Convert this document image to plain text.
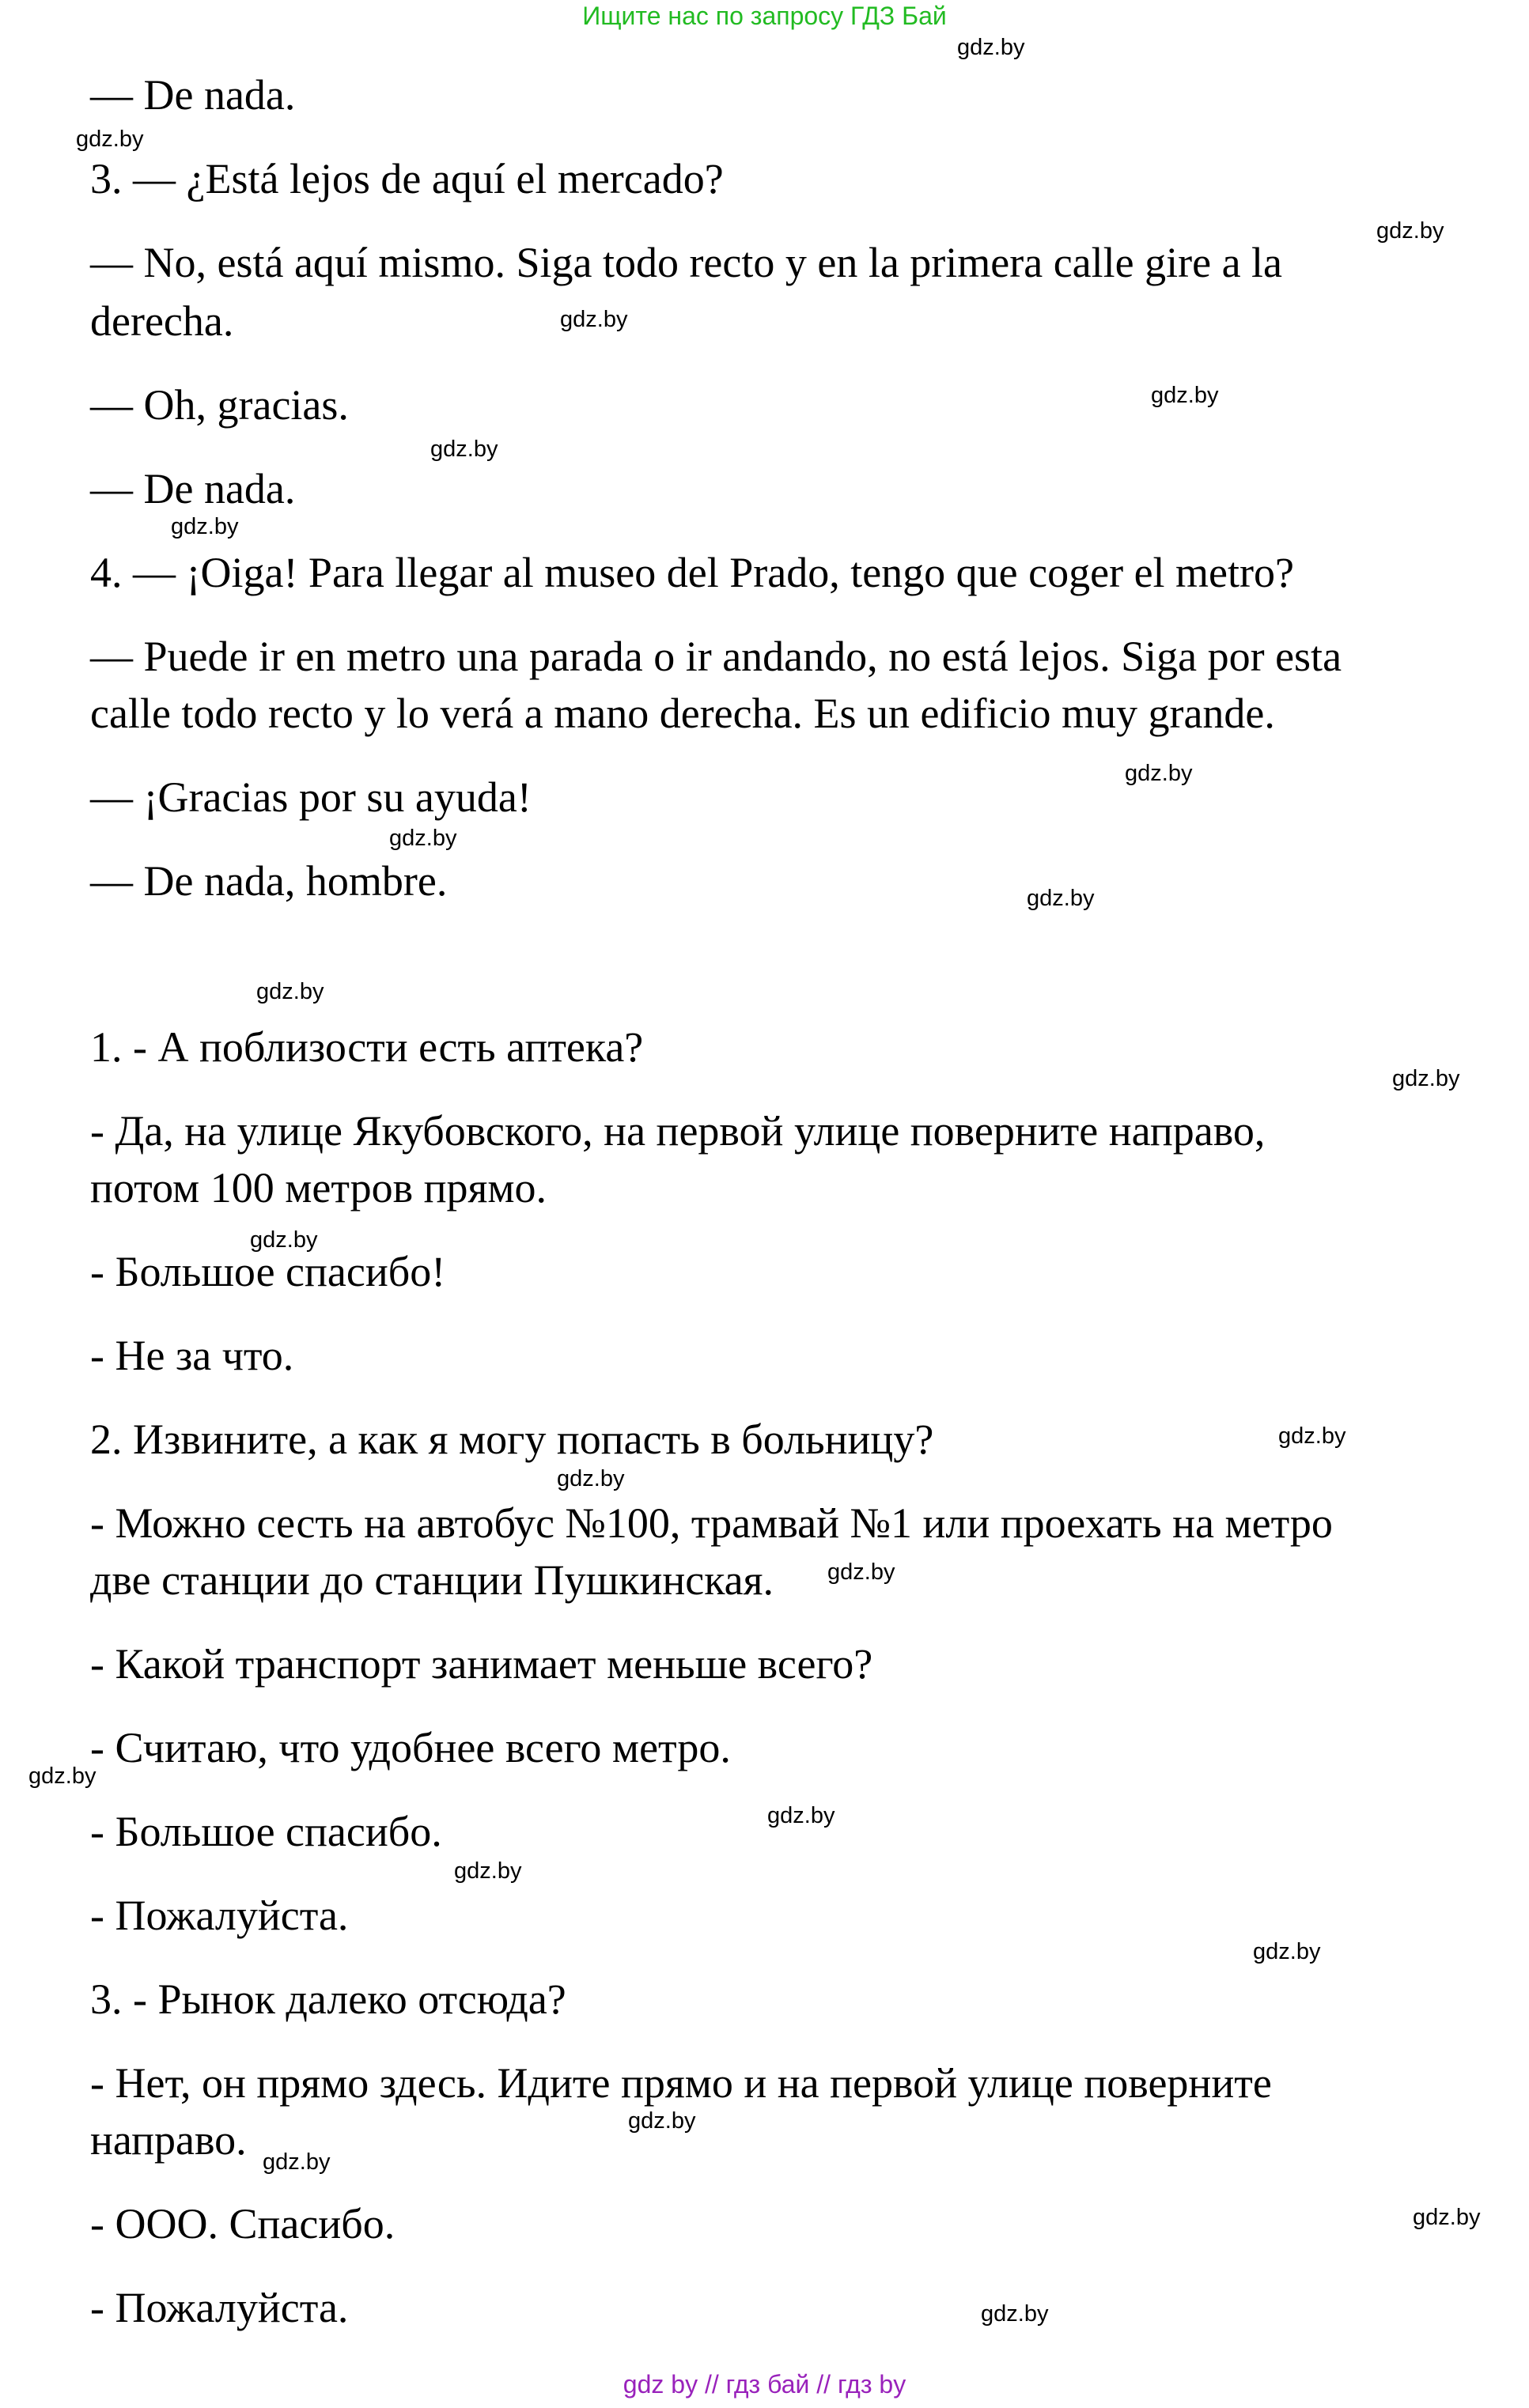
Ищите нас по запросу ГДЗ Бай
— De nada.
3. — ¿Está lejos de aquí el mercado?
— No, está aquí mismo. Siga todo recto y en la primera calle gire a la
derecha.
— Oh, gracias.
— De nada.
4. — ¡Oiga! Para llegar al museo del Prado, tengo que coger el metro?
— Puede ir en metro una parada o ir andando, no está lejos. Siga por esta
calle todo recto y lo verá a mano derecha. Es un edificio muy grande.
— ¡Gracias por su ayuda!
— De nada, hombre.
1. - А поблизости есть аптека?
- Да, на улице Якубовского, на первой улице поверните направо,
потом 100 метров прямо.
- Большое спасибо!
- Не за что.
2. Извините, а как я могу попасть в больницу?
- Можно сесть на автобус №100, трамвай №1 или проехать на метро
две станции до станции Пушкинская.
- Какой транспорт занимает меньше всего?
- Считаю, что удобнее всего метро.
- Большое спасибо.
- Пожалуйста.
3. - Рынок далеко отсюда?
- Нет, он прямо здесь. Идите прямо и на первой улице поверните
направо.
- ООО. Спасибо.
- Пожалуйста.
gdz.by
gdz.by
gdz.by
gdz.by
gdz.by
gdz.by
gdz.by
gdz.by
gdz.by
gdz.by
gdz.by
gdz.by
gdz.by
gdz.by
gdz.by
gdz.by
gdz.by
gdz.by
gdz.by
gdz.by
gdz.by
gdz.by
gdz.by
gdz.by
gdz by // гдз бай // гдз by
